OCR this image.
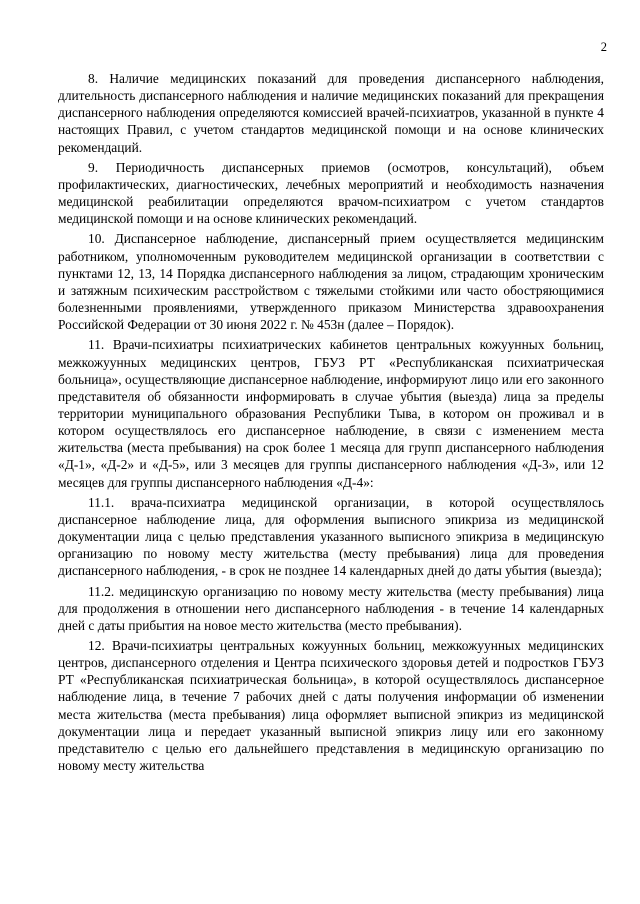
2

8. Наличие медицинских показаний для проведения диспансерного наблюдения, длительность диспансерного наблюдения и наличие медицинских показаний для прекращения диспансерного наблюдения определяются комиссией врачей-психиатров, указанной в пункте 4 настоящих Правил, с учетом стандартов медицинской помощи и на основе клинических рекомендаций.

9. Периодичность диспансерных приемов (осмотров, консультаций), объем профилактических, диагностических, лечебных мероприятий и необходимость назначения медицинской реабилитации определяются врачом-психиатром с учетом стандартов медицинской помощи и на основе клинических рекомендаций.

10. Диспансерное наблюдение, диспансерный прием осуществляется медицинским работником, уполномоченным руководителем медицинской организации в соответствии с пунктами 12, 13, 14 Порядка диспансерного наблюдения за лицом, страдающим хроническим и затяжным психическим расстройством с тяжелыми стойкими или часто обостряющимися болезненными проявлениями, утвержденного приказом Министерства здравоохранения Российской Федерации от 30 июня 2022 г. № 453н (далее – Порядок).

11. Врачи-психиатры психиатрических кабинетов центральных кожуунных больниц, межкожуунных медицинских центров, ГБУЗ РТ «Республиканская психиатрическая больница», осуществляющие диспансерное наблюдение, информируют лицо или его законного представителя об обязанности информировать в случае убытия (выезда) лица за пределы территории муниципального образования Республики Тыва, в котором он проживал и в котором осуществлялось его диспансерное наблюдение, в связи с изменением места жительства (места пребывания) на срок более 1 месяца для групп диспансерного наблюдения «Д-1», «Д-2» и «Д-5», или 3 месяцев для группы диспансерного наблюдения «Д-3», или 12 месяцев для группы диспансерного наблюдения «Д-4»:

11.1. врача-психиатра медицинской организации, в которой осуществлялось диспансерное наблюдение лица, для оформления выписного эпикриза из медицинской документации лица с целью представления указанного выписного эпикриза в медицинскую организацию по новому месту жительства (месту пребывания) лица для проведения диспансерного наблюдения, - в срок не позднее 14 календарных дней до даты убытия (выезда);

11.2. медицинскую организацию по новому месту жительства (месту пребывания) лица для продолжения в отношении него диспансерного наблюдения - в течение 14 календарных дней с даты прибытия на новое место жительства (место пребывания).

12. Врачи-психиатры центральных кожуунных больниц, межкожуунных медицинских центров, диспансерного отделения и Центра психического здоровья детей и подростков ГБУЗ РТ «Республиканская психиатрическая больница», в которой осуществлялось диспансерное наблюдение лица, в течение 7 рабочих дней с даты получения информации об изменении места жительства (места пребывания) лица оформляет выписной эпикриз из медицинской документации лица и передает указанный выписной эпикриз лицу или его законному представителю с целью его дальнейшего представления в медицинскую организацию по новому месту жительства
